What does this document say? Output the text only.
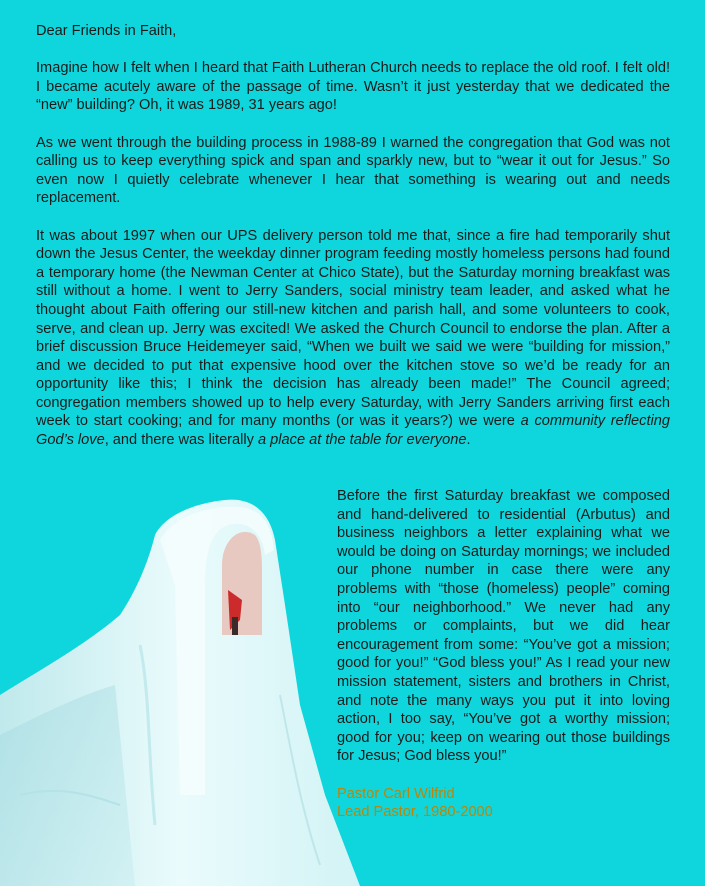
Dear Friends in Faith,

Imagine how I felt when I heard that Faith Lutheran Church needs to replace the old roof. I felt old! I became acutely aware of the passage of time. Wasn’t it just yesterday that we dedicated the “new” building? Oh, it was 1989, 31 years ago!

As we went through the building process in 1988-89 I warned the congregation that God was not calling us to keep everything spick and span and sparkly new, but to “wear it out for Jesus.” So even now I quietly celebrate whenever I hear that something is wearing out and needs replacement.

It was about 1997 when our UPS delivery person told me that, since a fire had temporarily shut down the Jesus Center, the weekday dinner program feeding mostly homeless persons had found a temporary home (the Newman Center at Chico State), but the Saturday morning breakfast was still without a home. I went to Jerry Sanders, social ministry team leader, and asked what he thought about Faith offering our still-new kitchen and parish hall, and some volunteers to cook, serve, and clean up. Jerry was excited! We asked the Church Council to endorse the plan. After a brief discussion Bruce Heidemeyer said, “When we built we said we were “building for mission,” and we decided to put that expensive hood over the kitchen stove so we’d be ready for an opportunity like this; I think the decision has already been made!” The Council agreed; congregation members showed up to help every Saturday, with Jerry Sanders arriving first each week to start cooking; and for many months (or was it years?) we were a community reflecting God’s love, and there was literally a place at the table for everyone.

Before the first Saturday breakfast we composed and hand-delivered to residential (Arbutus) and business neighbors a letter explaining what we would be doing on Saturday mornings; we included our phone number in case there were any problems with “those (homeless) people” coming into “our neighborhood.” We never had any problems or complaints, but we did hear encouragement from some: “You’ve got a mission; good for you!” “God bless you!” As I read your new mission statement, sisters and brothers in Christ, and note the many ways you put it into loving action, I too say, “You’ve got a worthy mission; good for you; keep on wearing out those buildings for Jesus; God bless you!”

Pastor Carl Wilfrid
Lead Pastor, 1980-2000
